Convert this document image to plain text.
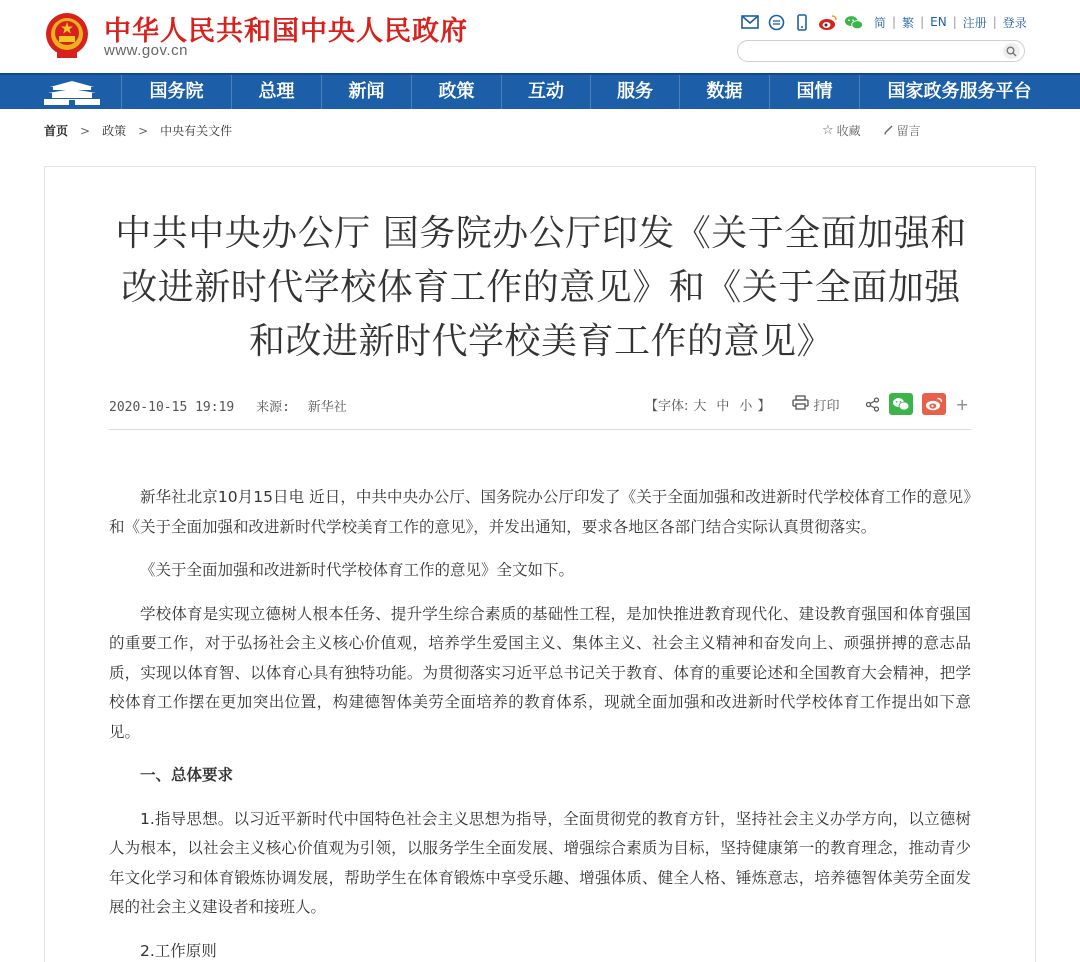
中华人民共和国中央人民政府
www.gov.cn
简 | 繁 | EN | 注册 | 登录
国务院	总理	新闻	政策	互动	服务	数据	国情	国家政务服务平台
首页 > 政策 > 中央有关文件	☆ 收藏	留言
中共中央办公厅 国务院办公厅印发《关于全面加强和
改进新时代学校体育工作的意见》和《关于全面加强
和改进新时代学校美育工作的意见》
2020-10-15 19:19 来源: 新华社	【字体: 大 中 小 】	打印	+

新华社北京10月15日电 近日，中共中央办公厅、国务院办公厅印发了《关于全面加强和改进新时代学校体育工作的意见》和《关于全面加强和改进新时代学校美育工作的意见》，并发出通知，要求各地区各部门结合实际认真贯彻落实。

《关于全面加强和改进新时代学校体育工作的意见》全文如下。

学校体育是实现立德树人根本任务、提升学生综合素质的基础性工程，是加快推进教育现代化、建设教育强国和体育强国的重要工作，对于弘扬社会主义核心价值观，培养学生爱国主义、集体主义、社会主义精神和奋发向上、顽强拼搏的意志品质，实现以体育智、以体育心具有独特功能。为贯彻落实习近平总书记关于教育、体育的重要论述和全国教育大会精神，把学校体育工作摆在更加突出位置，构建德智体美劳全面培养的教育体系，现就全面加强和改进新时代学校体育工作提出如下意见。

一、总体要求

1.指导思想。以习近平新时代中国特色社会主义思想为指导，全面贯彻党的教育方针，坚持社会主义办学方向，以立德树人为根本，以社会主义核心价值观为引领，以服务学生全面发展、增强综合素质为目标，坚持健康第一的教育理念，推动青少年文化学习和体育锻炼协调发展，帮助学生在体育锻炼中享受乐趣、增强体质、健全人格、锤炼意志，培养德智体美劳全面发展的社会主义建设者和接班人。

2.工作原则
